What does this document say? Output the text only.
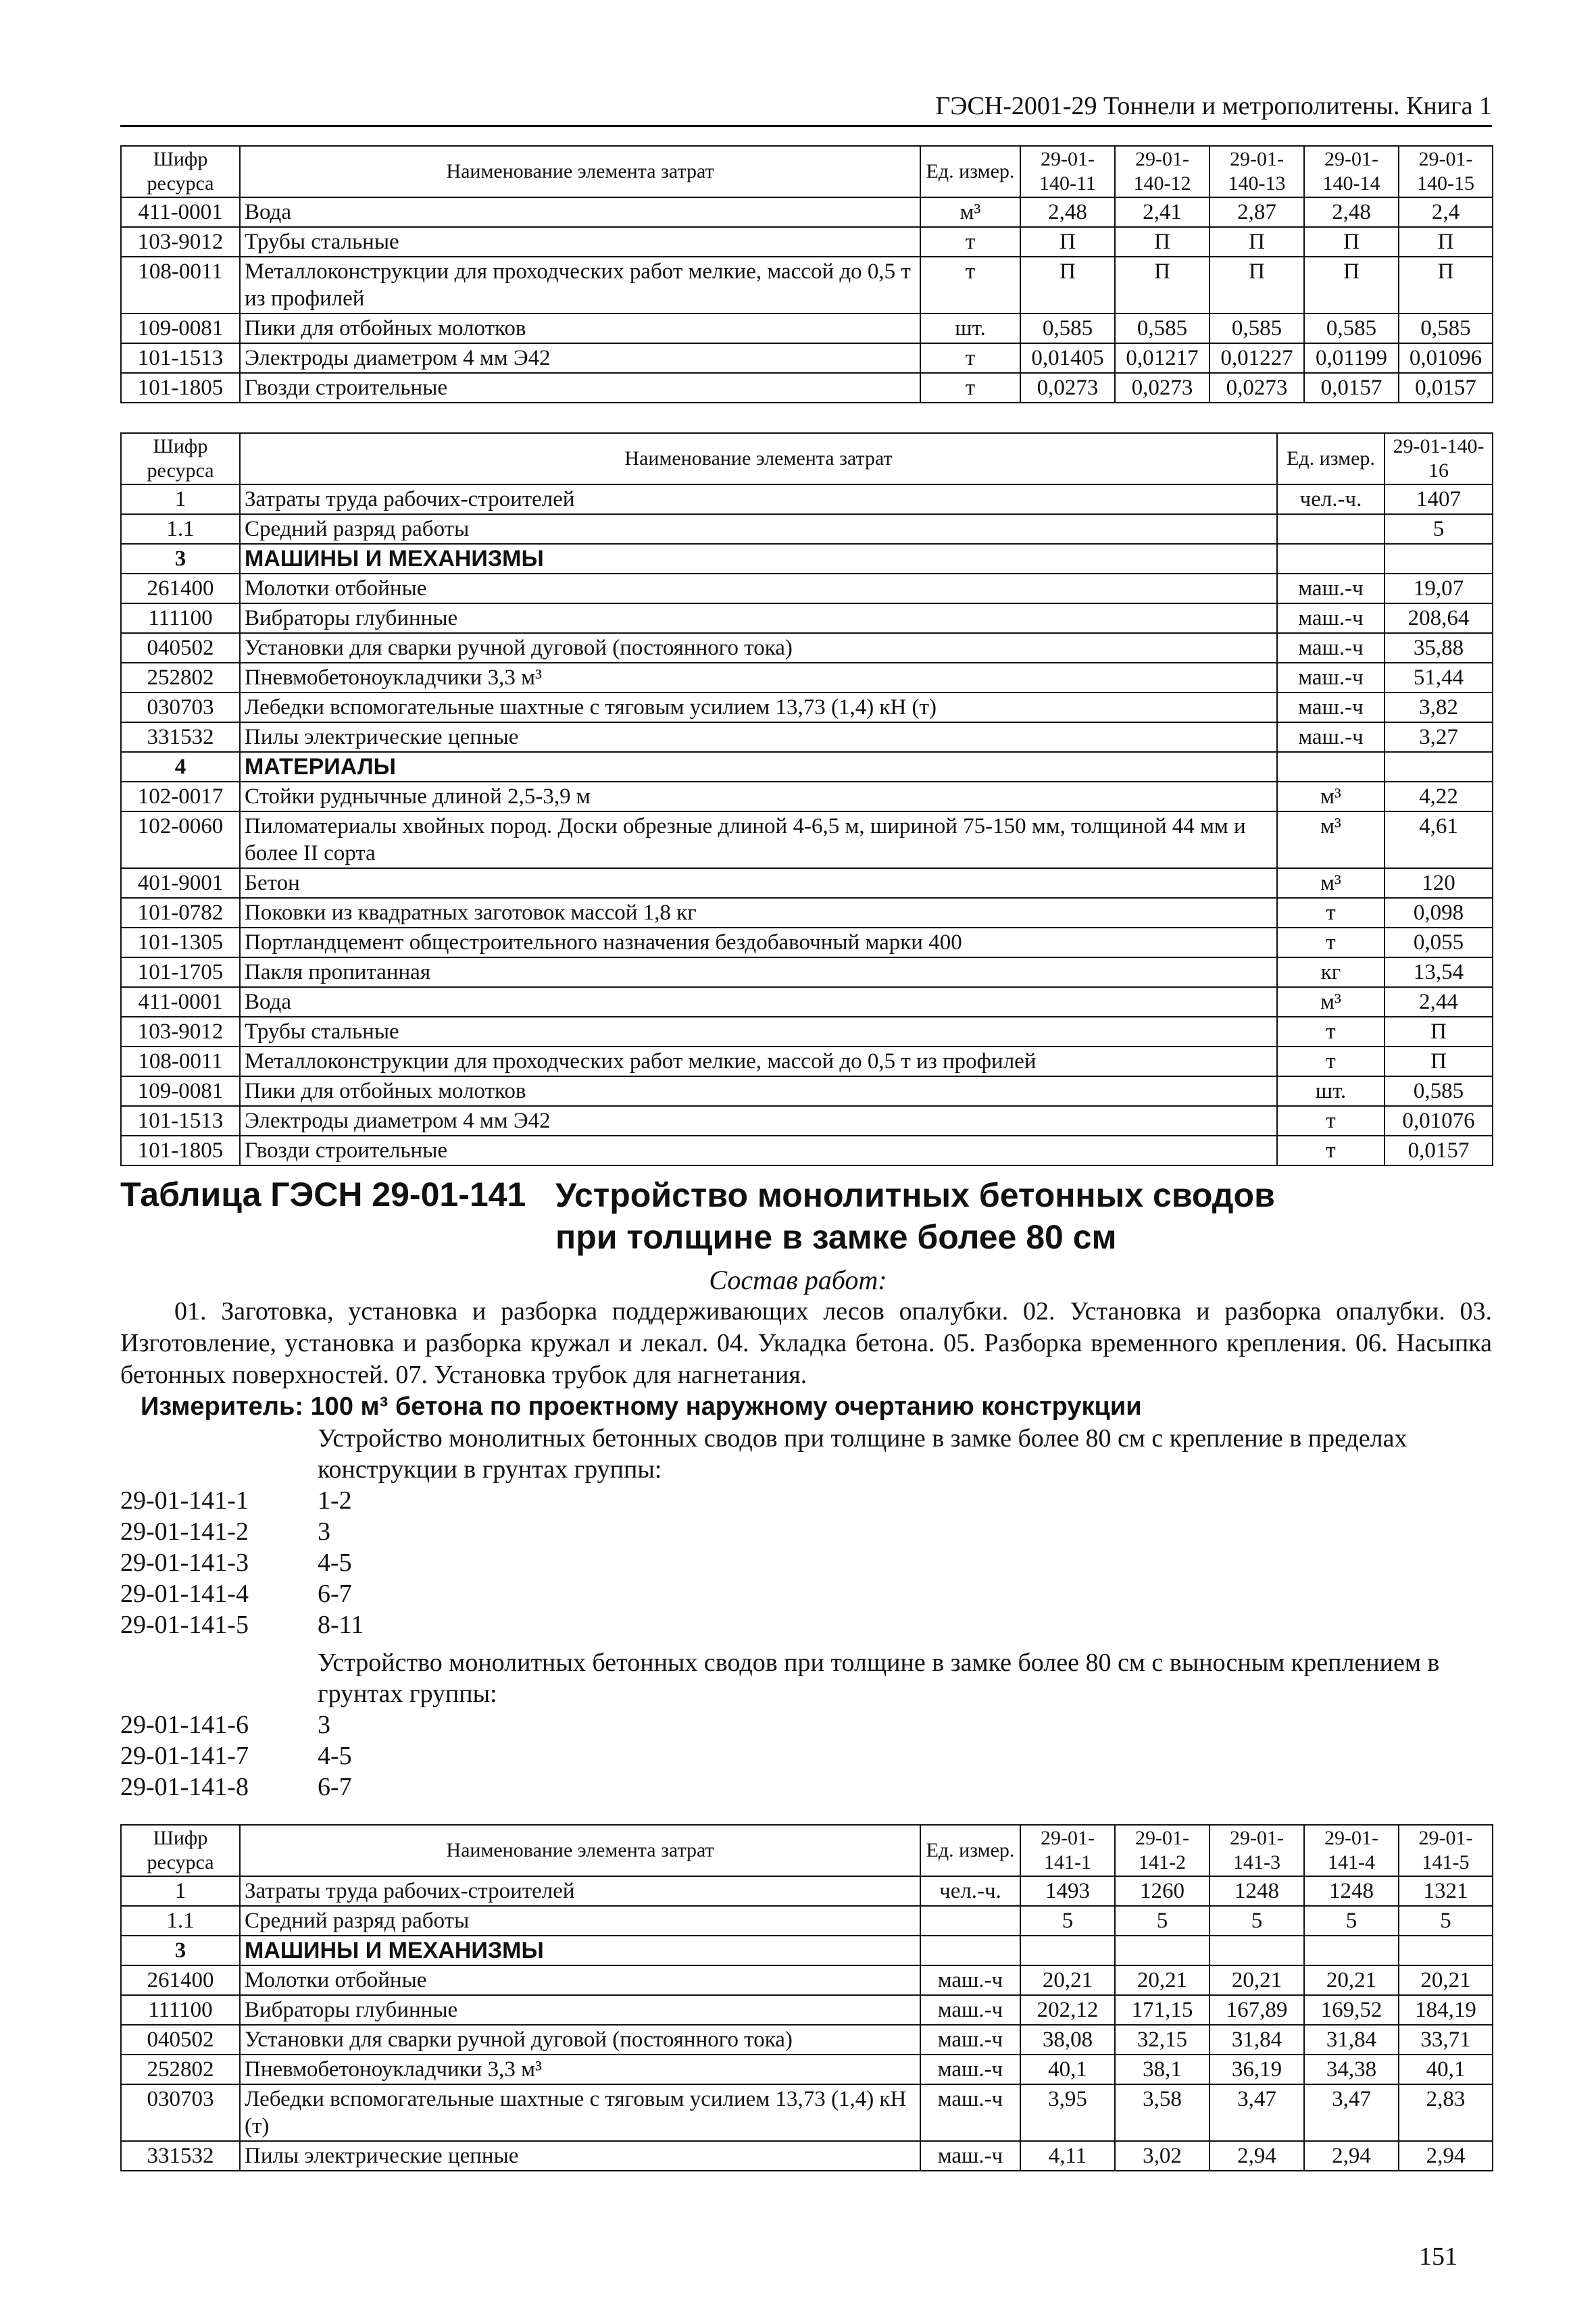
ГЭСН-2001-29 Тоннели и метрополитены. Книга 1
Шифр ресурса	Наименование элемента затрат	Ед. измер.	29-01-140-11	29-01-140-12	29-01-140-13	29-01-140-14	29-01-140-15
411-0001	Вода	м³	2,48	2,41	2,87	2,48	2,4
103-9012	Трубы стальные	т	П	П	П	П	П
108-0011	Металлоконструкции для проходческих работ мелкие, массой до 0,5 т из профилей	т	П	П	П	П	П
109-0081	Пики для отбойных молотков	шт.	0,585	0,585	0,585	0,585	0,585
101-1513	Электроды диаметром 4 мм Э42	т	0,01405	0,01217	0,01227	0,01199	0,01096
101-1805	Гвозди строительные	т	0,0273	0,0273	0,0273	0,0157	0,0157
Шифр ресурса	Наименование элемента затрат	Ед. измер.	29-01-140-16
1	Затраты труда рабочих-строителей	чел.-ч.	1407
1.1	Средний разряд работы		5
3	МАШИНЫ И МЕХАНИЗМЫ		
261400	Молотки отбойные	маш.-ч	19,07
111100	Вибраторы глубинные	маш.-ч	208,64
040502	Установки для сварки ручной дуговой (постоянного тока)	маш.-ч	35,88
252802	Пневмобетоноукладчики 3,3 м³	маш.-ч	51,44
030703	Лебедки вспомогательные шахтные с тяговым усилием 13,73 (1,4) кН (т)	маш.-ч	3,82
331532	Пилы электрические цепные	маш.-ч	3,27
4	МАТЕРИАЛЫ		
102-0017	Стойки руднычные длиной 2,5-3,9 м	м³	4,22
102-0060	Пиломатериалы хвойных пород. Доски обрезные длиной 4-6,5 м, шириной 75-150 мм, толщиной 44 мм и более II сорта	м³	4,61
401-9001	Бетон	м³	120
101-0782	Поковки из квадратных заготовок массой 1,8 кг	т	0,098
101-1305	Портландцемент общестроительного назначения бездобавочный марки 400	т	0,055
101-1705	Пакля пропитанная	кг	13,54
411-0001	Вода	м³	2,44
103-9012	Трубы стальные	т	П
108-0011	Металлоконструкции для проходческих работ мелкие, массой до 0,5 т из профилей	т	П
109-0081	Пики для отбойных молотков	шт.	0,585
101-1513	Электроды диаметром 4 мм Э42	т	0,01076
101-1805	Гвозди строительные	т	0,0157
Таблица ГЭСН 29-01-141 Устройство монолитных бетонных сводов при толщине в замке более 80 см
Состав работ:
01. Заготовка, установка и разборка поддерживающих лесов опалубки. 02. Установка и разборка опалубки. 03. Изготовление, установка и разборка кружал и лекал. 04. Укладка бетона. 05. Разборка временного крепления. 06. Насыпка бетонных поверхностей. 07. Установка трубок для нагнетания.
Измеритель: 100 м³ бетона по проектному наружному очертанию конструкции
Устройство монолитных бетонных сводов при толщине в замке более 80 см с крепление в пределах конструкции в грунтах группы:
29-01-141-1	1-2
29-01-141-2	3
29-01-141-3	4-5
29-01-141-4	6-7
29-01-141-5	8-11
Устройство монолитных бетонных сводов при толщине в замке более 80 см с выносным креплением в грунтах группы:
29-01-141-6	3
29-01-141-7	4-5
29-01-141-8	6-7
Шифр ресурса	Наименование элемента затрат	Ед. измер.	29-01-141-1	29-01-141-2	29-01-141-3	29-01-141-4	29-01-141-5
1	Затраты труда рабочих-строителей	чел.-ч.	1493	1260	1248	1248	1321
1.1	Средний разряд работы		5	5	5	5	5
3	МАШИНЫ И МЕХАНИЗМЫ						
261400	Молотки отбойные	маш.-ч	20,21	20,21	20,21	20,21	20,21
111100	Вибраторы глубинные	маш.-ч	202,12	171,15	167,89	169,52	184,19
040502	Установки для сварки ручной дуговой (постоянного тока)	маш.-ч	38,08	32,15	31,84	31,84	33,71
252802	Пневмобетоноукладчики 3,3 м³	маш.-ч	40,1	38,1	36,19	34,38	40,1
030703	Лебедки вспомогательные шахтные с тяговым усилием 13,73 (1,4) кН (т)	маш.-ч	3,95	3,58	3,47	3,47	2,83
331532	Пилы электрические цепные	маш.-ч	4,11	3,02	2,94	2,94	2,94
151
